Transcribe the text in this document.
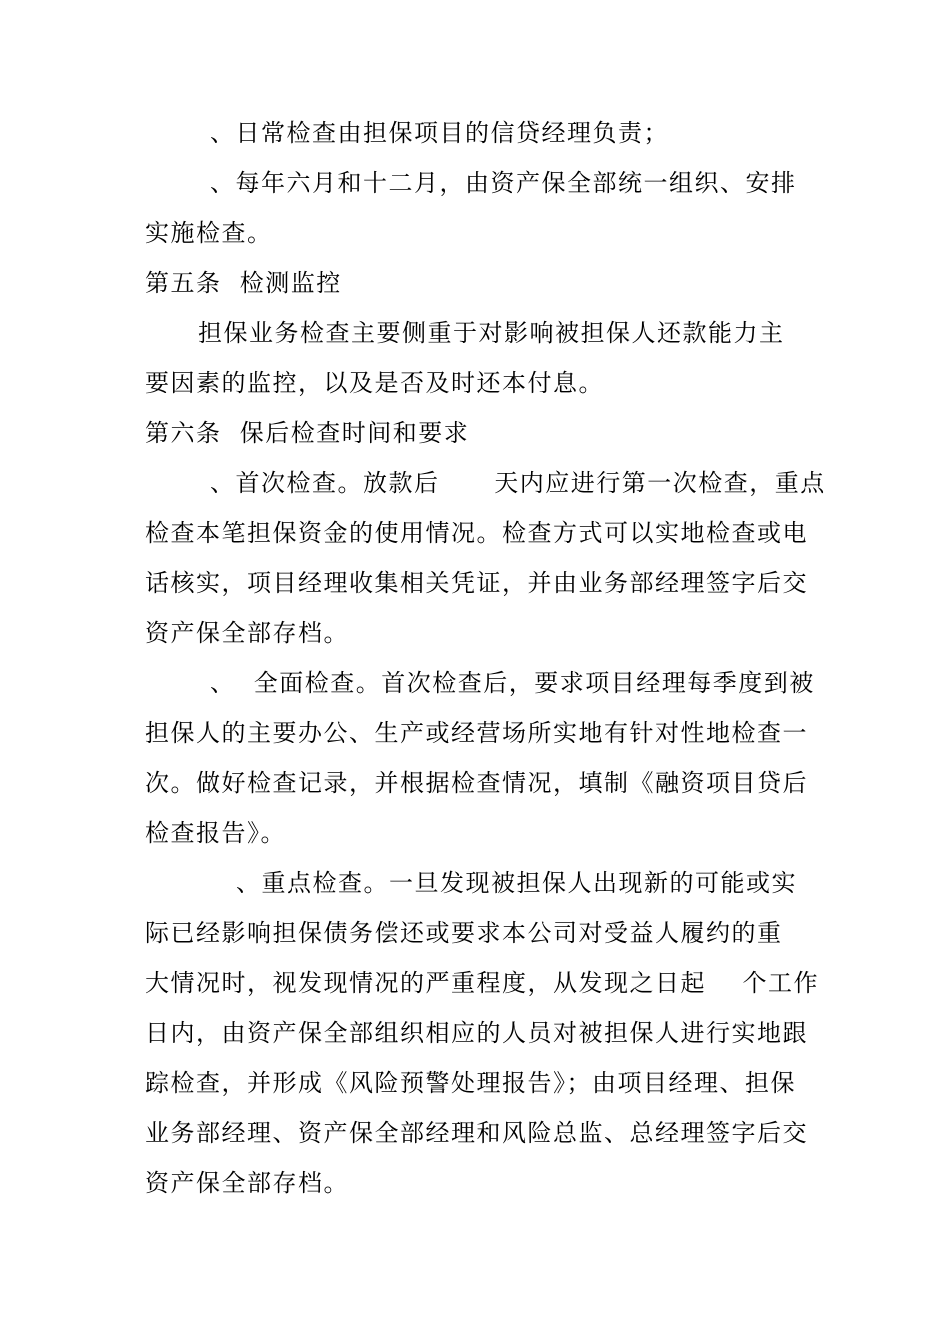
、日常检查由担保项目的信贷经理负责；
、每年六月和十二月，由资产保全部统一组织、安排
实施检查。
第五条  检测监控
担保业务检查主要侧重于对影响被担保人还款能力主
要因素的监控，以及是否及时还本付息。
第六条  保后检查时间和要求
、首次检查。放款后      天内应进行第一次检查，重点
检查本笔担保资金的使用情况。检查方式可以实地检查或电
话核实，项目经理收集相关凭证，并由业务部经理签字后交
资产保全部存档。
、  全面检查。首次检查后，要求项目经理每季度到被
担保人的主要办公、生产或经营场所实地有针对性地检查一
次。做好检查记录，并根据检查情况，填制《融资项目贷后
检查报告》。
、重点检查。一旦发现被担保人出现新的可能或实
际已经影响担保债务偿还或要求本公司对受益人履约的重
大情况时，视发现情况的严重程度，从发现之日起    个工作
日内，由资产保全部组织相应的人员对被担保人进行实地跟
踪检查，并形成《风险预警处理报告》；由项目经理、担保
业务部经理、资产保全部经理和风险总监、总经理签字后交
资产保全部存档。
